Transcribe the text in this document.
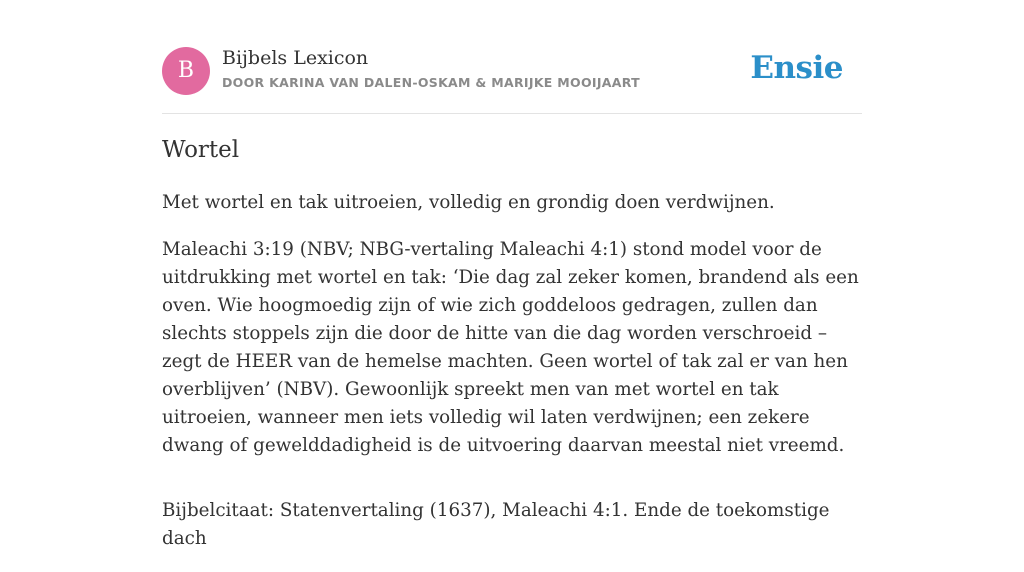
B	Bijbels Lexicon
DOOR KARINA VAN DALEN-OSKAM & MARIJKE MOOIJAART	Ensie
Wortel

Met wortel en tak uitroeien, volledig en grondig doen verdwijnen.

Maleachi 3:19 (NBV; NBG-vertaling Maleachi 4:1) stond model voor de uitdrukking met wortel en tak: ‘Die dag zal zeker komen, brandend als een oven. Wie hoogmoedig zijn of wie zich goddeloos gedragen, zullen dan slechts stoppels zijn die door de hitte van die dag worden verschroeid – zegt de HEER van de hemelse machten. Geen wortel of tak zal er van hen overblijven’ (NBV). Gewoonlijk spreekt men van met wortel en tak uitroeien, wanneer men iets volledig wil laten verdwijnen; een zekere dwang of gewelddadigheid is de uitvoering daarvan meestal niet vreemd.

Bijbelcitaat: Statenvertaling (1637), Maleachi 4:1. Ende de toekomstige dach
